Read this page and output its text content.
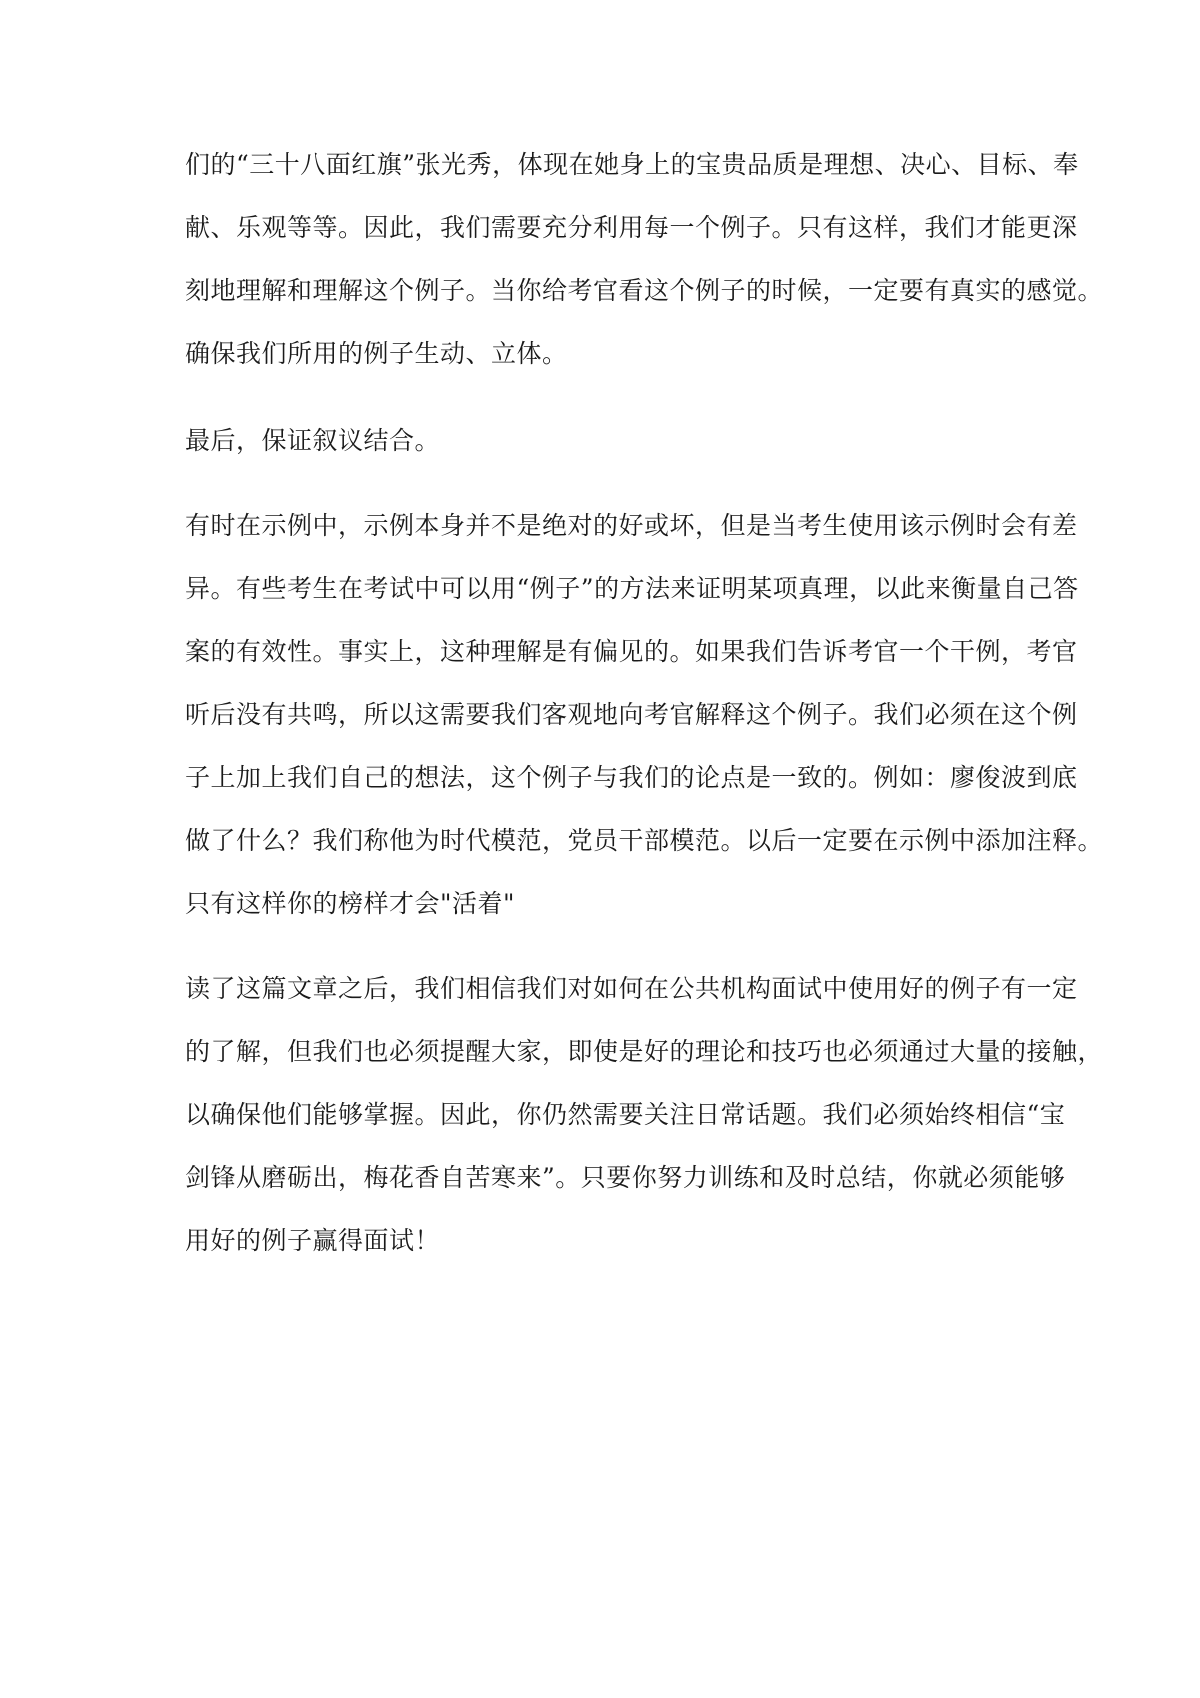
们的“三十八面红旗”张光秀，体现在她身上的宝贵品质是理想、决心、目标、奉
献、乐观等等。因此，我们需要充分利用每一个例子。只有这样，我们才能更深
刻地理解和理解这个例子。当你给考官看这个例子的时候，一定要有真实的感觉。
确保我们所用的例子生动、立体。
最后，保证叙议结合。
有时在示例中，示例本身并不是绝对的好或坏，但是当考生使用该示例时会有差
异。有些考生在考试中可以用“例子”的方法来证明某项真理，以此来衡量自己答
案的有效性。事实上，这种理解是有偏见的。如果我们告诉考官一个干例，考官
听后没有共鸣，所以这需要我们客观地向考官解释这个例子。我们必须在这个例
子上加上我们自己的想法，这个例子与我们的论点是一致的。例如：廖俊波到底
做了什么？我们称他为时代模范，党员干部模范。以后一定要在示例中添加注释。
只有这样你的榜样才会"活着"
读了这篇文章之后，我们相信我们对如何在公共机构面试中使用好的例子有一定
的了解，但我们也必须提醒大家，即使是好的理论和技巧也必须通过大量的接触，
以确保他们能够掌握。因此，你仍然需要关注日常话题。我们必须始终相信“宝
剑锋从磨砺出，梅花香自苦寒来”。只要你努力训练和及时总结，你就必须能够
用好的例子赢得面试！
